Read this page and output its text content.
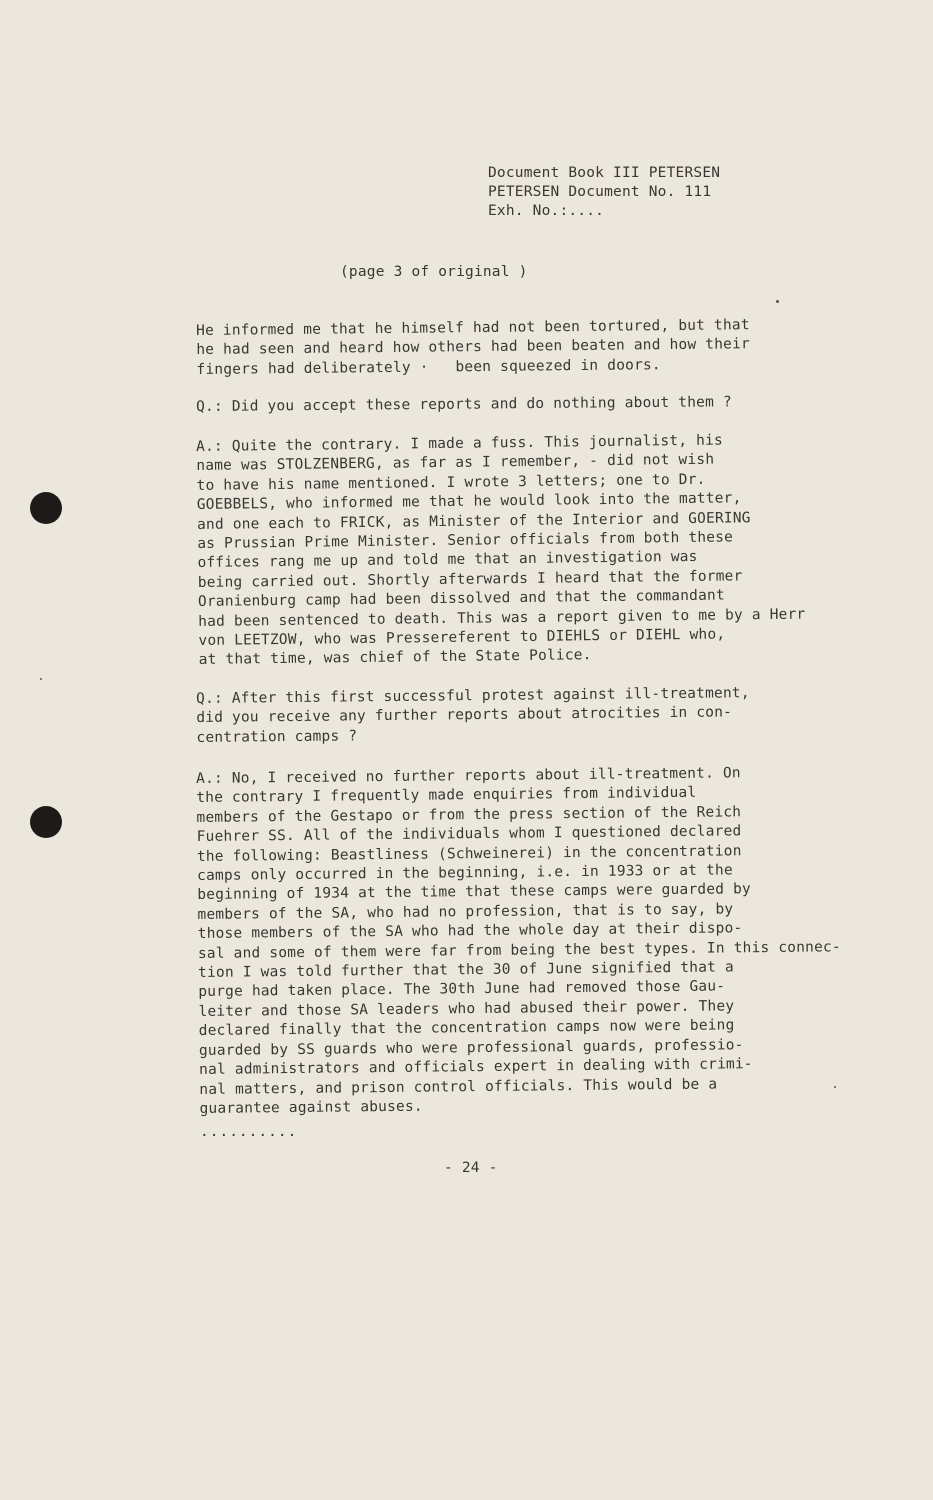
Document Book III PETERSEN
PETERSEN Document No. 111
Exh. No.:....
(page 3 of original )
He informed me that he himself had not been tortured, but that
he had seen and heard how others had been beaten and how their
fingers had deliberately ·   been squeezed in doors.
Q.: Did you accept these reports and do nothing about them ?
A.: Quite the contrary. I made a fuss. This journalist, his
name was STOLZENBERG, as far as I remember, - did not wish
to have his name mentioned. I wrote 3 letters; one to Dr.
GOEBBELS, who informed me that he would look into the matter,
and one each to FRICK, as Minister of the Interior and GOERING
as Prussian Prime Minister. Senior officials from both these
offices rang me up and told me that an investigation was
being carried out. Shortly afterwards I heard that the former
Oranienburg camp had been dissolved and that the commandant
had been sentenced to death. This was a report given to me by a Herr
von LEETZOW, who was Pressereferent to DIEHLS or DIEHL who,
at that time, was chief of the State Police.
Q.: After this first successful protest against ill-treatment,
did you receive any further reports about atrocities in con-
centration camps ?
A.: No, I received no further reports about ill-treatment. On
the contrary I frequently made enquiries from individual
members of the Gestapo or from the press section of the Reich
Fuehrer SS. All of the individuals whom I questioned declared
the following: Beastliness (Schweinerei) in the concentration
camps only occurred in the beginning, i.e. in 1933 or at the
beginning of 1934 at the time that these camps were guarded by
members of the SA, who had no profession, that is to say, by
those members of the SA who had the whole day at their dispo-
sal and some of them were far from being the best types. In this connec-
tion I was told further that the 30 of June signified that a
purge had taken place. The 30th June had removed those Gau-
leiter and those SA leaders who had abused their power. They
declared finally that the concentration camps now were being
guarded by SS guards who were professional guards, professio-
nal administrators and officials expert in dealing with crimi-
nal matters, and prison control officials. This would be a
guarantee against abuses.
..........
- 24 -
